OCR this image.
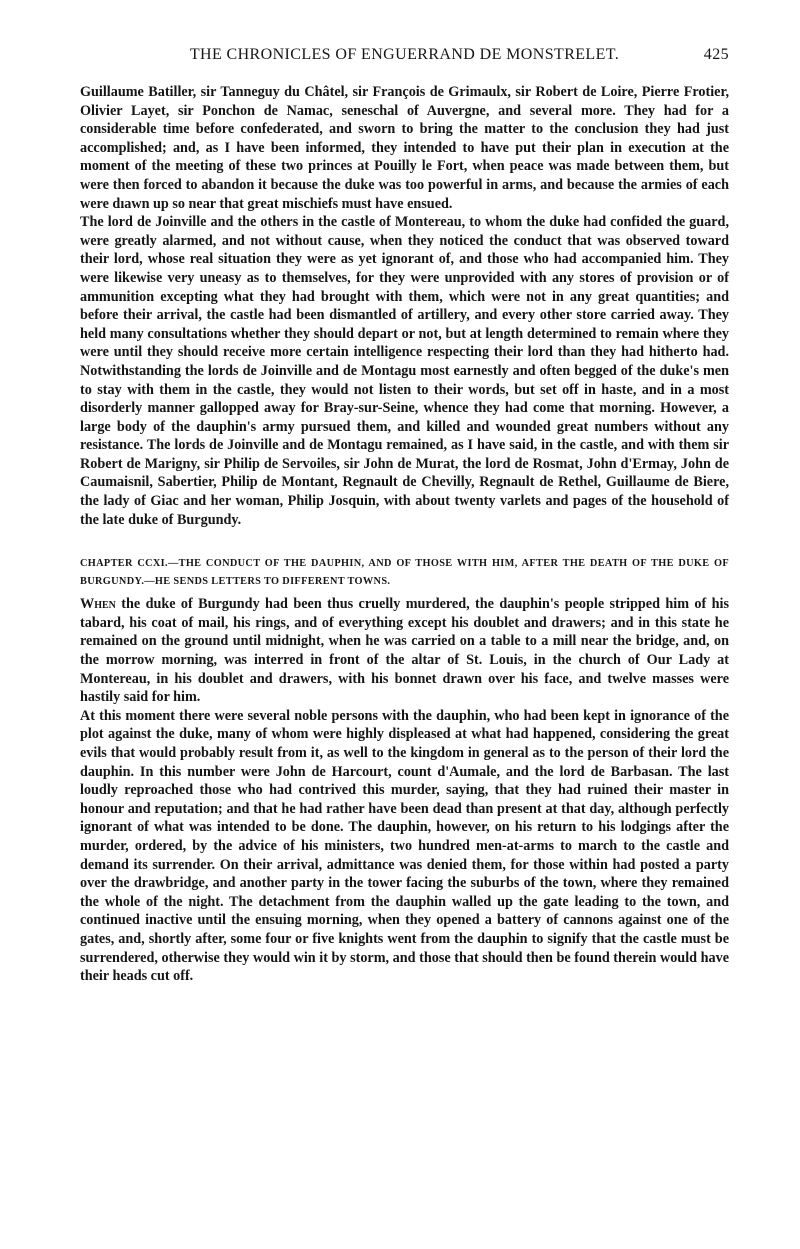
THE CHRONICLES OF ENGUERRAND DE MONSTRELET.	425

Guillaume Batiller, sir Tanneguy du Châtel, sir François de Grimaulx, sir Robert de Loire, Pierre Frotier, Olivier Layet, sir Ponchon de Namac, seneschal of Auvergne, and several more. They had for a considerable time before confederated, and sworn to bring the matter to the conclusion they had just accomplished; and, as I have been informed, they intended to have put their plan in execution at the moment of the meeting of these two princes at Pouilly le Fort, when peace was made between them, but were then forced to abandon it because the duke was too powerful in arms, and because the armies of each were dıawn up so near that great mischiefs must have ensued.

The lord de Joinville and the others in the castle of Montereau, to whom the duke had confided the guard, were greatly alarmed, and not without cause, when they noticed the conduct that was observed toward their lord, whose real situation they were as yet ignorant of, and those who had accompanied him. They were likewise very uneasy as to themselves, for they were unprovided with any stores of provision or of ammunition excepting what they had brought with them, which were not in any great quantities; and before their arrival, the castle had been dismantled of artillery, and every other store carried away. They held many consultations whether they should depart or not, but at length determined to remain where they were until they should receive more certain intelligence respecting their lord than they had hitherto had. Notwithstanding the lords de Joinville and de Montagu most earnestly and often begged of the duke's men to stay with them in the castle, they would not listen to their words, but set off in haste, and in a most disorderly manner gallopped away for Bray-sur-Seine, whence they had come that morning. However, a large body of the dauphin's army pursued them, and killed and wounded great numbers without any resistance. The lords de Joinville and de Montagu remained, as I have said, in the castle, and with them sir Robert de Marigny, sir Philip de Servoiles, sir John de Murat, the lord de Rosmat, John d'Ermay, John de Caumaisnil, Sabertier, Philip de Montant, Regnault de Chevilly, Regnault de Rethel, Guillaume de Biere, the lady of Giac and her woman, Philip Josquin, with about twenty varlets and pages of the household of the late duke of Burgundy.

CHAPTER CCXI.—THE CONDUCT OF THE DAUPHIN, AND OF THOSE WITH HIM, AFTER THE DEATH OF THE DUKE OF BURGUNDY.—HE SENDS LETTERS TO DIFFERENT TOWNS.

When the duke of Burgundy had been thus cruelly murdered, the dauphin's people stripped him of his tabard, his coat of mail, his rings, and of everything except his doublet and drawers; and in this state he remained on the ground until midnight, when he was carried on a table to a mill near the bridge, and, on the morrow morning, was interred in front of the altar of St. Louis, in the church of Our Lady at Montereau, in his doublet and drawers, with his bonnet drawn over his face, and twelve masses were hastily said for him.

At this moment there were several noble persons with the dauphin, who had been kept in ignorance of the plot against the duke, many of whom were highly displeased at what had happened, considering the great evils that would probably result from it, as well to the kingdom in general as to the person of their lord the dauphin. In this number were John de Harcourt, count d'Aumale, and the lord de Barbasan. The last loudly reproached those who had contrived this murder, saying, that they had ruined their master in honour and reputation; and that he had rather have been dead than present at that day, although perfectly ignorant of what was intended to be done. The dauphin, however, on his return to his lodgings after the murder, ordered, by the advice of his ministers, two hundred men-at-arms to march to the castle and demand its surrender. On their arrival, admittance was denied them, for those within had posted a party over the drawbridge, and another party in the tower facing the suburbs of the town, where they remained the whole of the night. The detachment from the dauphin walled up the gate leading to the town, and continued inactive until the ensuing morning, when they opened a battery of cannons against one of the gates, and, shortly after, some four or five knights went from the dauphin to signify that the castle must be surrendered, otherwise they would win it by storm, and those that should then be found therein would have their heads cut off.
